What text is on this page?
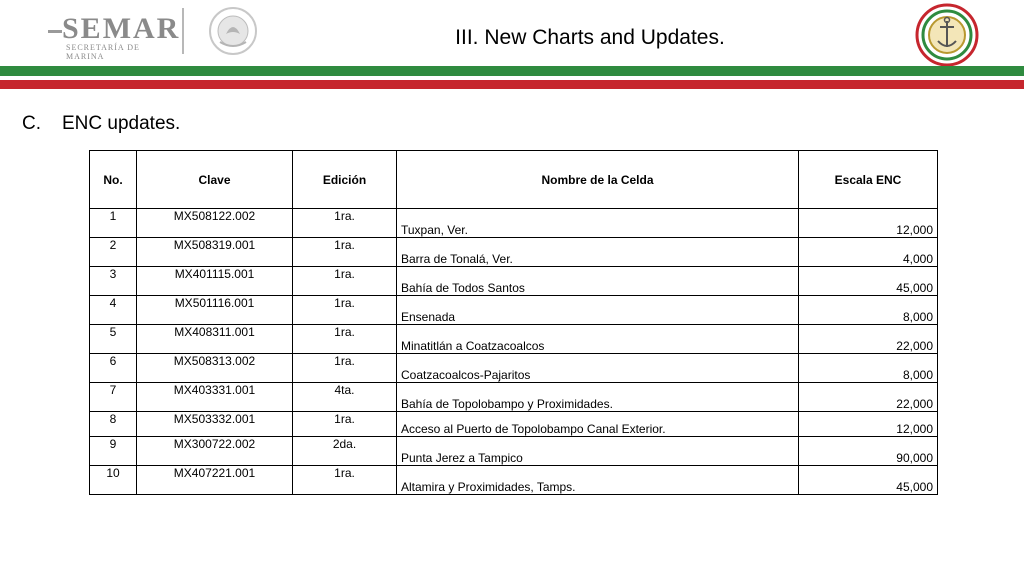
SEMAR
SECRETARÍA DE MARINA
III. New Charts and Updates.
C. ENC updates.
No.	Clave	Edición	Nombre de la Celda	Escala ENC
1	MX508122.002	1ra.	Tuxpan, Ver.	12,000
2	MX508319.001	1ra.	Barra de Tonalá, Ver.	4,000
3	MX401115.001	1ra.	Bahía de Todos Santos	45,000
4	MX501116.001	1ra.	Ensenada	8,000
5	MX408311.001	1ra.	Minatitlán a Coatzacoalcos	22,000
6	MX508313.002	1ra.	Coatzacoalcos-Pajaritos	8,000
7	MX403331.001	4ta.	Bahía de Topolobampo y Proximidades.	22,000
8	MX503332.001	1ra.	Acceso al Puerto de Topolobampo Canal Exterior.	12,000
9	MX300722.002	2da.	Punta Jerez a Tampico	90,000
10	MX407221.001	1ra.	Altamira y Proximidades, Tamps.	45,000
